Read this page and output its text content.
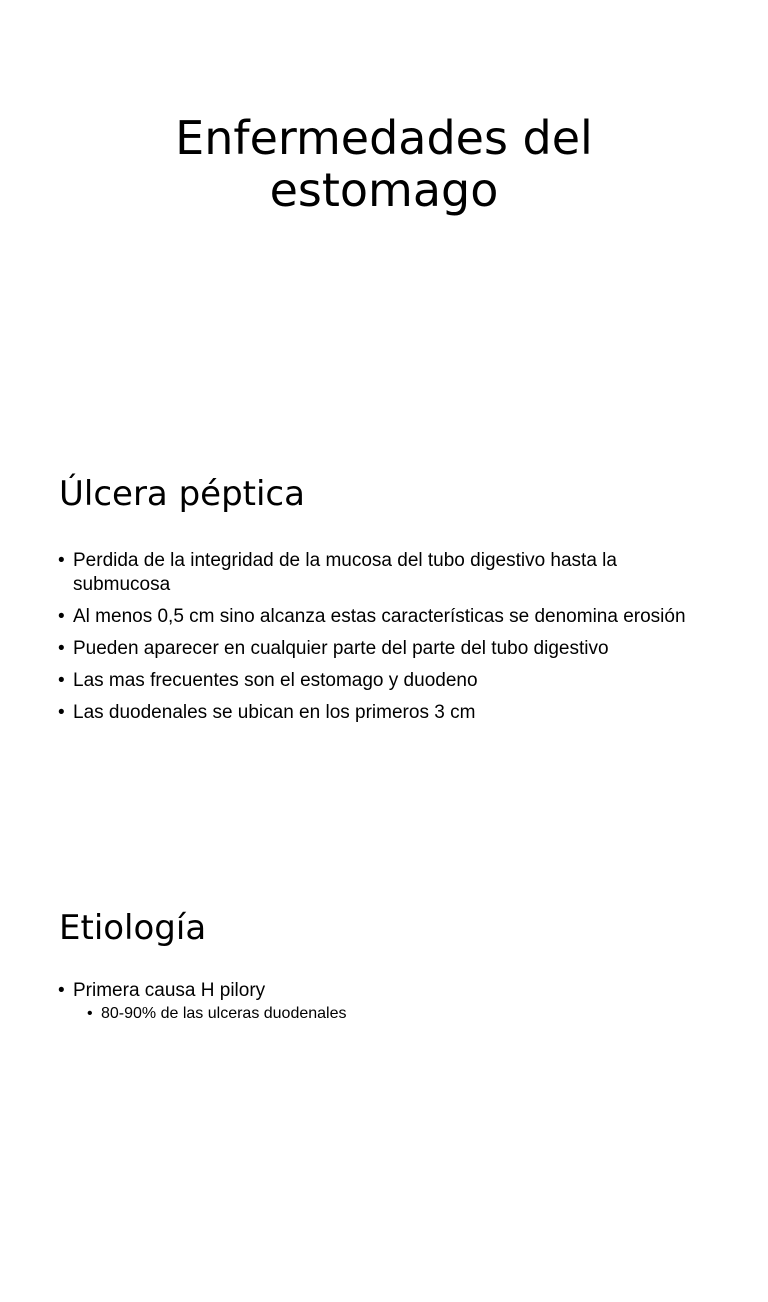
Enfermedades del
estomago
Úlcera péptica
• Perdida de la integridad de la mucosa del tubo digestivo hasta la submucosa
• Al menos 0,5 cm sino alcanza estas características se denomina erosión
• Pueden aparecer en cualquier parte del parte del tubo digestivo
• Las mas frecuentes son el estomago y duodeno
• Las duodenales se ubican en los primeros 3 cm
Etiología
• Primera causa H pilory
• 80-90% de las ulceras duodenales
